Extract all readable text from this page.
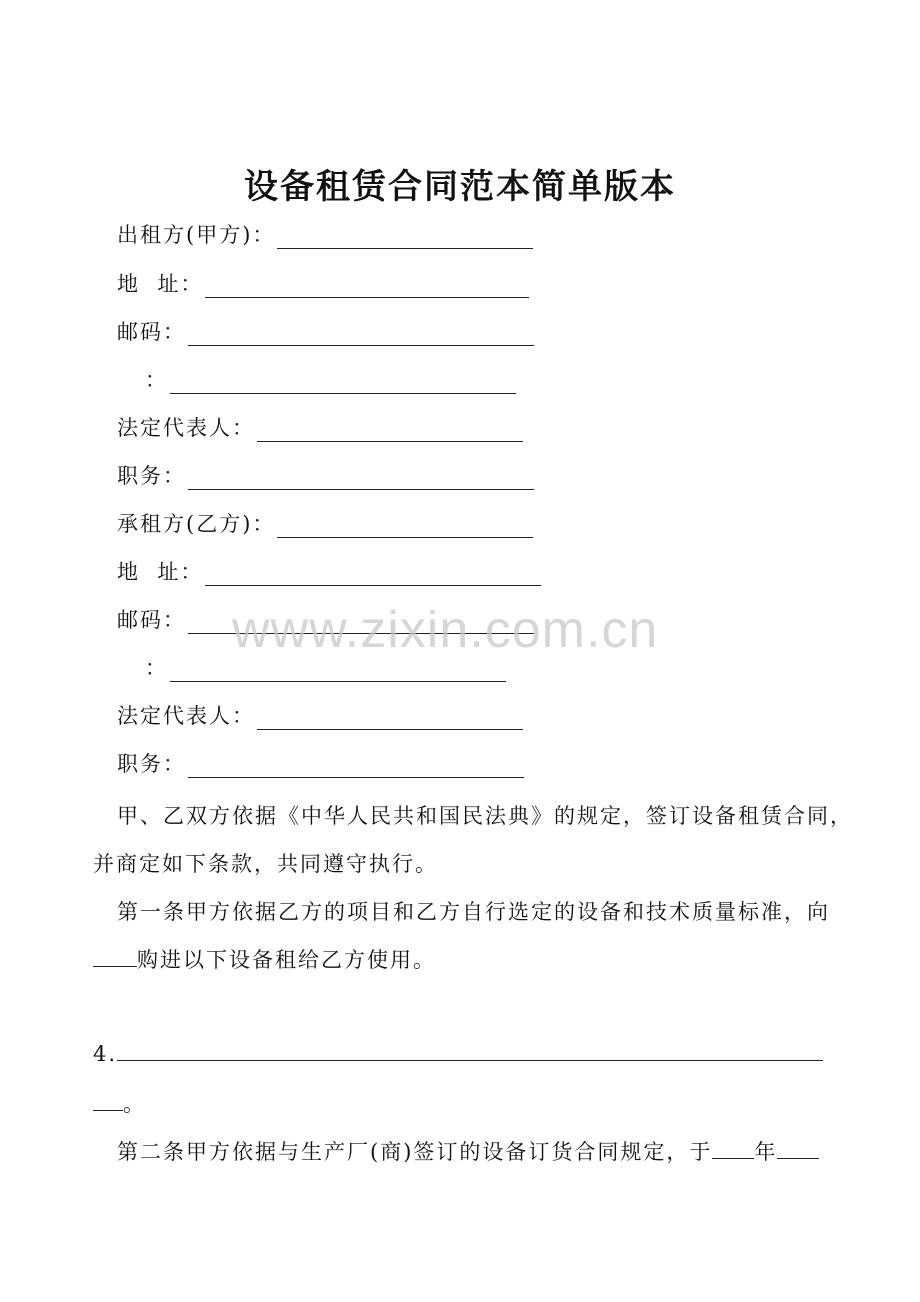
设备租赁合同范本简单版本
出租方(甲方)：
地  址：
邮码：
：
法定代表人：
职务：
承租方(乙方)：
地  址：
邮码：
：
法定代表人：
职务：
甲、乙双方依据《中华人民共和国民法典》的规定，签订设备租赁合同，
并商定如下条款，共同遵守执行。
第一条甲方依据乙方的项目和乙方自行选定的设备和技术质量标准，向
购进以下设备租给乙方使用。
4.
。
第二条甲方依据与生产厂(商)签订的设备订货合同规定，于 年
www.zixin.com.cn
